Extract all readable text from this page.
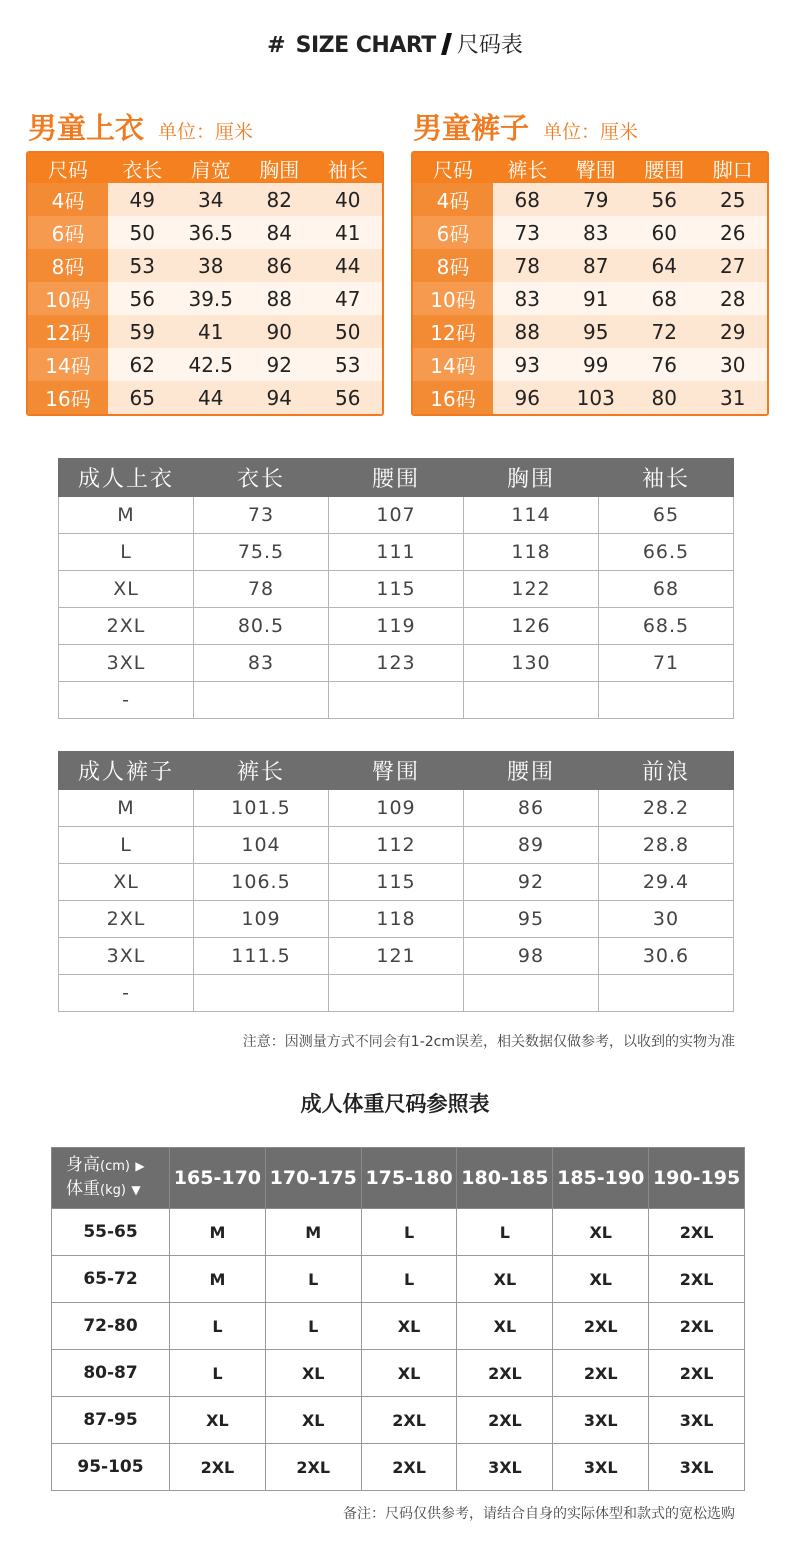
# SIZE CHART 尺码表
男童上衣 单位：厘米
尺码	衣长	肩宽	胸围	袖长
4码	49	34	82	40
6码	50	36.5	84	41
8码	53	38	86	44
10码	56	39.5	88	47
12码	59	41	90	50
14码	62	42.5	92	53
16码	65	44	94	56
男童裤子 单位：厘米
尺码	裤长	臀围	腰围	脚口
4码	68	79	56	25
6码	73	83	60	26
8码	78	87	64	27
10码	83	91	68	28
12码	88	95	72	29
14码	93	99	76	30
16码	96	103	80	31
成人上衣	衣长	腰围	胸围	袖长
M	73	107	114	65
L	75.5	111	118	66.5
XL	78	115	122	68
2XL	80.5	119	126	68.5
3XL	83	123	130	71
-				
成人裤子	裤长	臀围	腰围	前浪
M	101.5	109	86	28.2
L	104	112	89	28.8
XL	106.5	115	92	29.4
2XL	109	118	95	30
3XL	111.5	121	98	30.6
-				
注意：因测量方式不同会有1-2cm误差，相关数据仅做参考，以收到的实物为准
成人体重尺码参照表
身高(cm) ▶
体重(kg) ▼	165-170	170-175	175-180	180-185	185-190	190-195
55-65	M	M	L	L	XL	2XL
65-72	M	L	L	XL	XL	2XL
72-80	L	L	XL	XL	2XL	2XL
80-87	L	XL	XL	2XL	2XL	2XL
87-95	XL	XL	2XL	2XL	3XL	3XL
95-105	2XL	2XL	2XL	3XL	3XL	3XL
备注：尺码仅供参考，请结合自身的实际体型和款式的宽松选购
